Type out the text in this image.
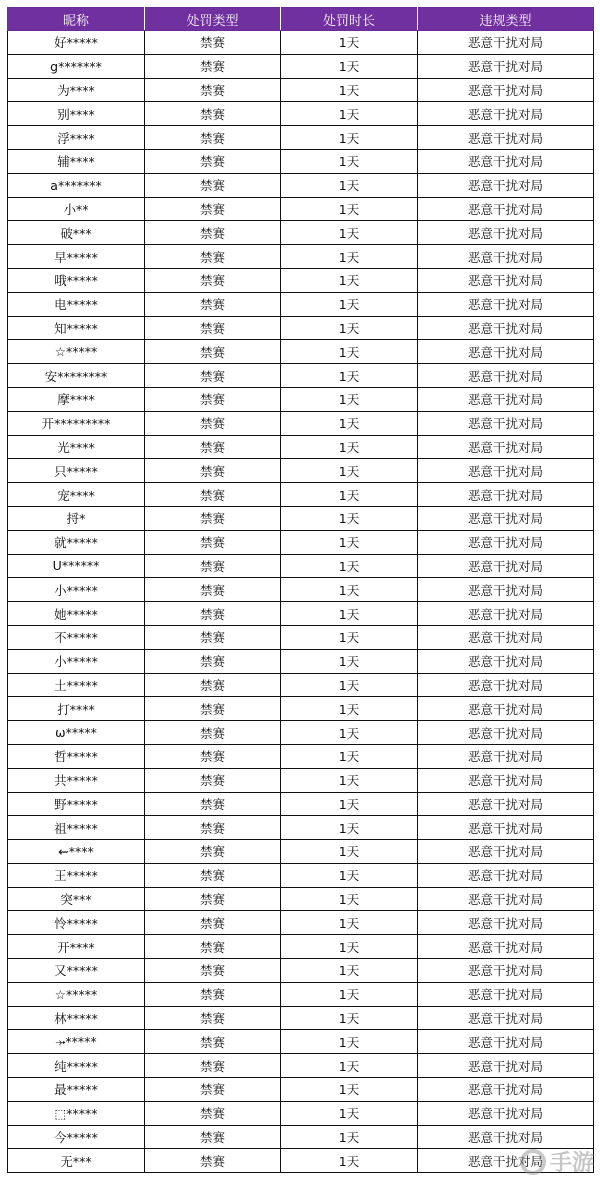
昵称	处罚类型	处罚时长	违规类型
好*****	禁赛	1天	恶意干扰对局
g*******	禁赛	1天	恶意干扰对局
为****	禁赛	1天	恶意干扰对局
别****	禁赛	1天	恶意干扰对局
浮****	禁赛	1天	恶意干扰对局
辅****	禁赛	1天	恶意干扰对局
a*******	禁赛	1天	恶意干扰对局
小**	禁赛	1天	恶意干扰对局
破***	禁赛	1天	恶意干扰对局
早*****	禁赛	1天	恶意干扰对局
哦*****	禁赛	1天	恶意干扰对局
电*****	禁赛	1天	恶意干扰对局
知*****	禁赛	1天	恶意干扰对局
☆*****	禁赛	1天	恶意干扰对局
安********	禁赛	1天	恶意干扰对局
摩****	禁赛	1天	恶意干扰对局
开*********	禁赛	1天	恶意干扰对局
光****	禁赛	1天	恶意干扰对局
只*****	禁赛	1天	恶意干扰对局
宠****	禁赛	1天	恶意干扰对局
捋*	禁赛	1天	恶意干扰对局
就*****	禁赛	1天	恶意干扰对局
U******	禁赛	1天	恶意干扰对局
小*****	禁赛	1天	恶意干扰对局
她*****	禁赛	1天	恶意干扰对局
不*****	禁赛	1天	恶意干扰对局
小*****	禁赛	1天	恶意干扰对局
土*****	禁赛	1天	恶意干扰对局
打****	禁赛	1天	恶意干扰对局
ω*****	禁赛	1天	恶意干扰对局
哲*****	禁赛	1天	恶意干扰对局
共*****	禁赛	1天	恶意干扰对局
野*****	禁赛	1天	恶意干扰对局
祖*****	禁赛	1天	恶意干扰对局
⇜****	禁赛	1天	恶意干扰对局
王*****	禁赛	1天	恶意干扰对局
突***	禁赛	1天	恶意干扰对局
怜*****	禁赛	1天	恶意干扰对局
开****	禁赛	1天	恶意干扰对局
又*****	禁赛	1天	恶意干扰对局
☆*****	禁赛	1天	恶意干扰对局
林*****	禁赛	1天	恶意干扰对局
⤞*****	禁赛	1天	恶意干扰对局
纯*****	禁赛	1天	恶意干扰对局
最*****	禁赛	1天	恶意干扰对局
⬚*****	禁赛	1天	恶意干扰对局
今*****	禁赛	1天	恶意干扰对局
无***	禁赛	1天	恶意干扰对局 手游
